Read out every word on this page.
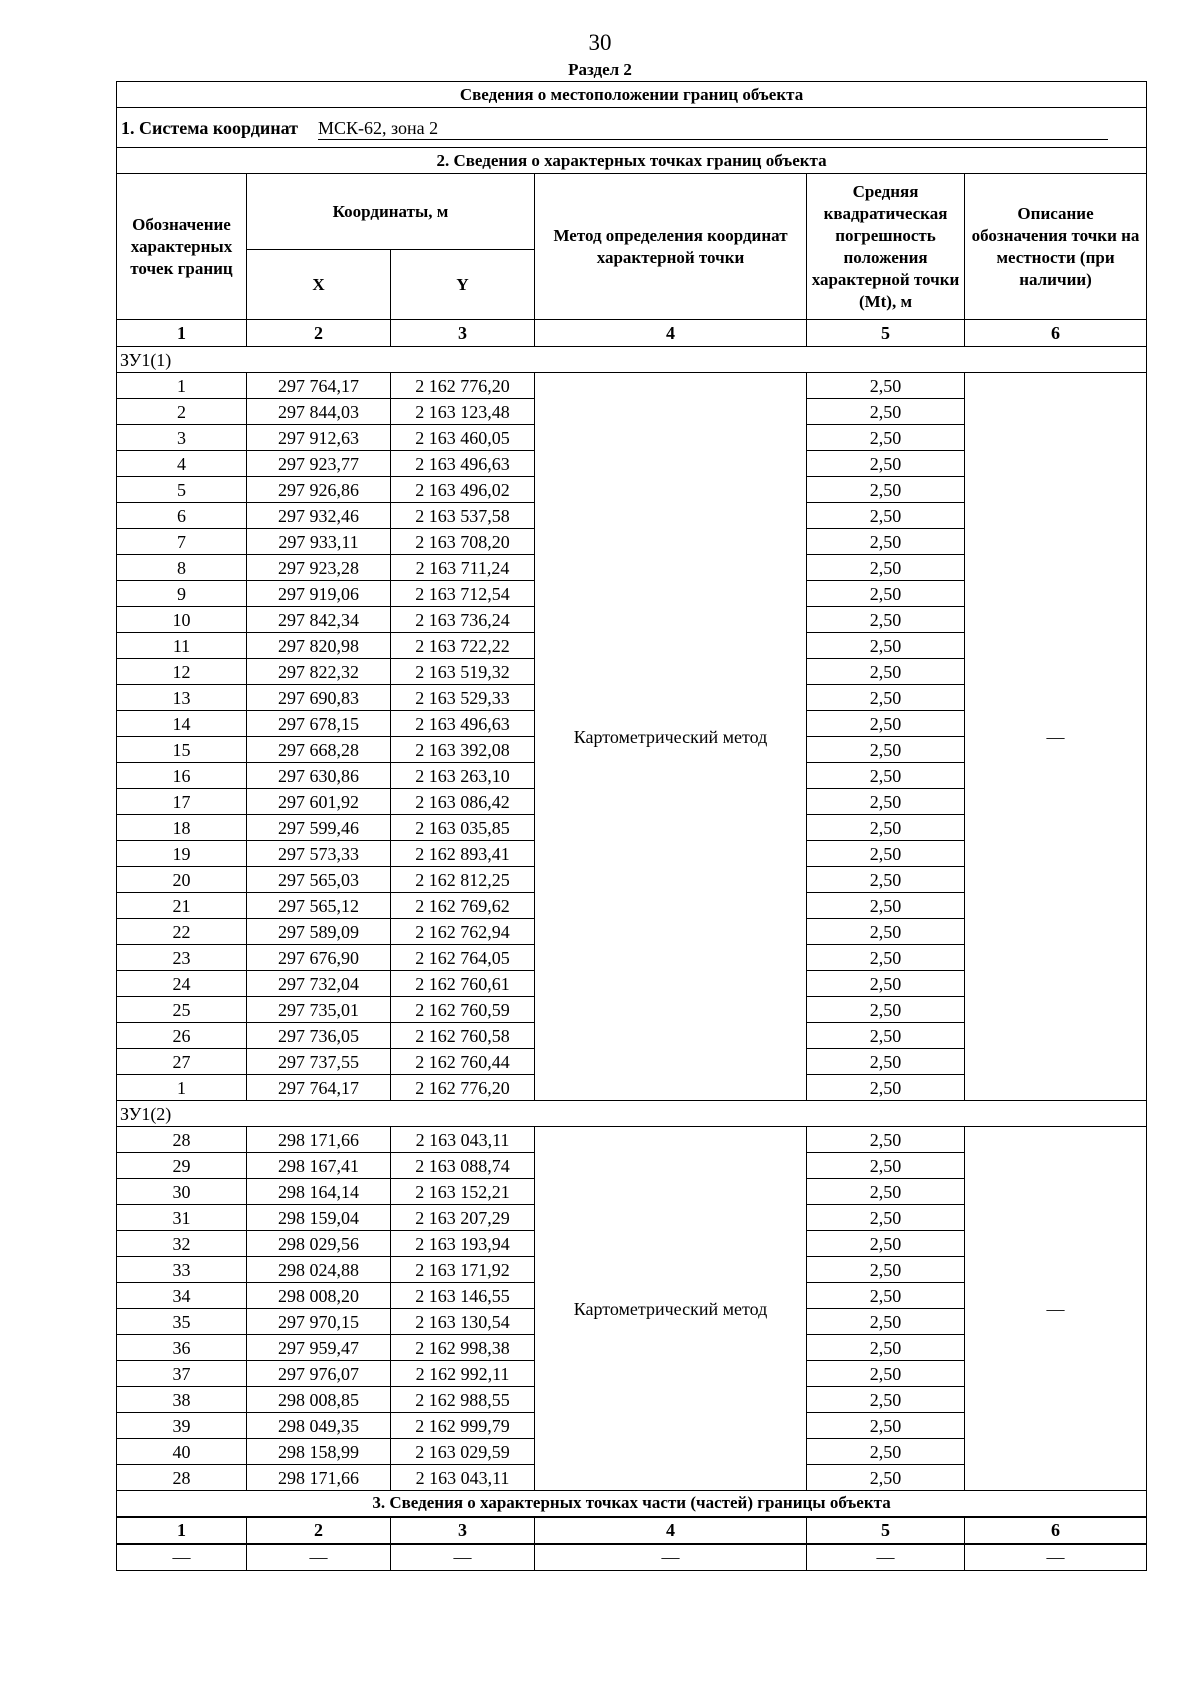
30
Раздел 2
Сведения о местоположении границ объекта					
1. Система координат МСК-62, зона 2					
2. Сведения о характерных точках границ объекта					
Обозначение характерных точек границ	Координаты, м		Метод определения координат характерной точки	Средняя квадратическая погрешность положения характерной точки (Mt), м	Описание обозначения точки на местности (при наличии)
	X	Y			
1	2	3	4	5	6
ЗУ1(1)					
1	297 764,17	2 162 776,20	Картометрический метод	2,50	—
2	297 844,03	2 163 123,48		2,50	
3	297 912,63	2 163 460,05		2,50	
4	297 923,77	2 163 496,63		2,50	
5	297 926,86	2 163 496,02		2,50	
6	297 932,46	2 163 537,58		2,50	
7	297 933,11	2 163 708,20		2,50	
8	297 923,28	2 163 711,24		2,50	
9	297 919,06	2 163 712,54		2,50	
10	297 842,34	2 163 736,24		2,50	
11	297 820,98	2 163 722,22		2,50	
12	297 822,32	2 163 519,32		2,50	
13	297 690,83	2 163 529,33		2,50	
14	297 678,15	2 163 496,63		2,50	
15	297 668,28	2 163 392,08		2,50	
16	297 630,86	2 163 263,10		2,50	
17	297 601,92	2 163 086,42		2,50	
18	297 599,46	2 163 035,85		2,50	
19	297 573,33	2 162 893,41		2,50	
20	297 565,03	2 162 812,25		2,50	
21	297 565,12	2 162 769,62		2,50	
22	297 589,09	2 162 762,94		2,50	
23	297 676,90	2 162 764,05		2,50	
24	297 732,04	2 162 760,61		2,50	
25	297 735,01	2 162 760,59		2,50	
26	297 736,05	2 162 760,58		2,50	
27	297 737,55	2 162 760,44		2,50	
1	297 764,17	2 162 776,20		2,50	
ЗУ1(2)					
28	298 171,66	2 163 043,11	Картометрический метод	2,50	—
29	298 167,41	2 163 088,74		2,50	
30	298 164,14	2 163 152,21		2,50	
31	298 159,04	2 163 207,29		2,50	
32	298 029,56	2 163 193,94		2,50	
33	298 024,88	2 163 171,92		2,50	
34	298 008,20	2 163 146,55		2,50	
35	297 970,15	2 163 130,54		2,50	
36	297 959,47	2 162 998,38		2,50	
37	297 976,07	2 162 992,11		2,50	
38	298 008,85	2 162 988,55		2,50	
39	298 049,35	2 162 999,79		2,50	
40	298 158,99	2 163 029,59		2,50	
28	298 171,66	2 163 043,11		2,50	
3. Сведения о характерных точках части (частей) границы объекта					
1	2	3	4	5	6
—	—	—	—	—	—
